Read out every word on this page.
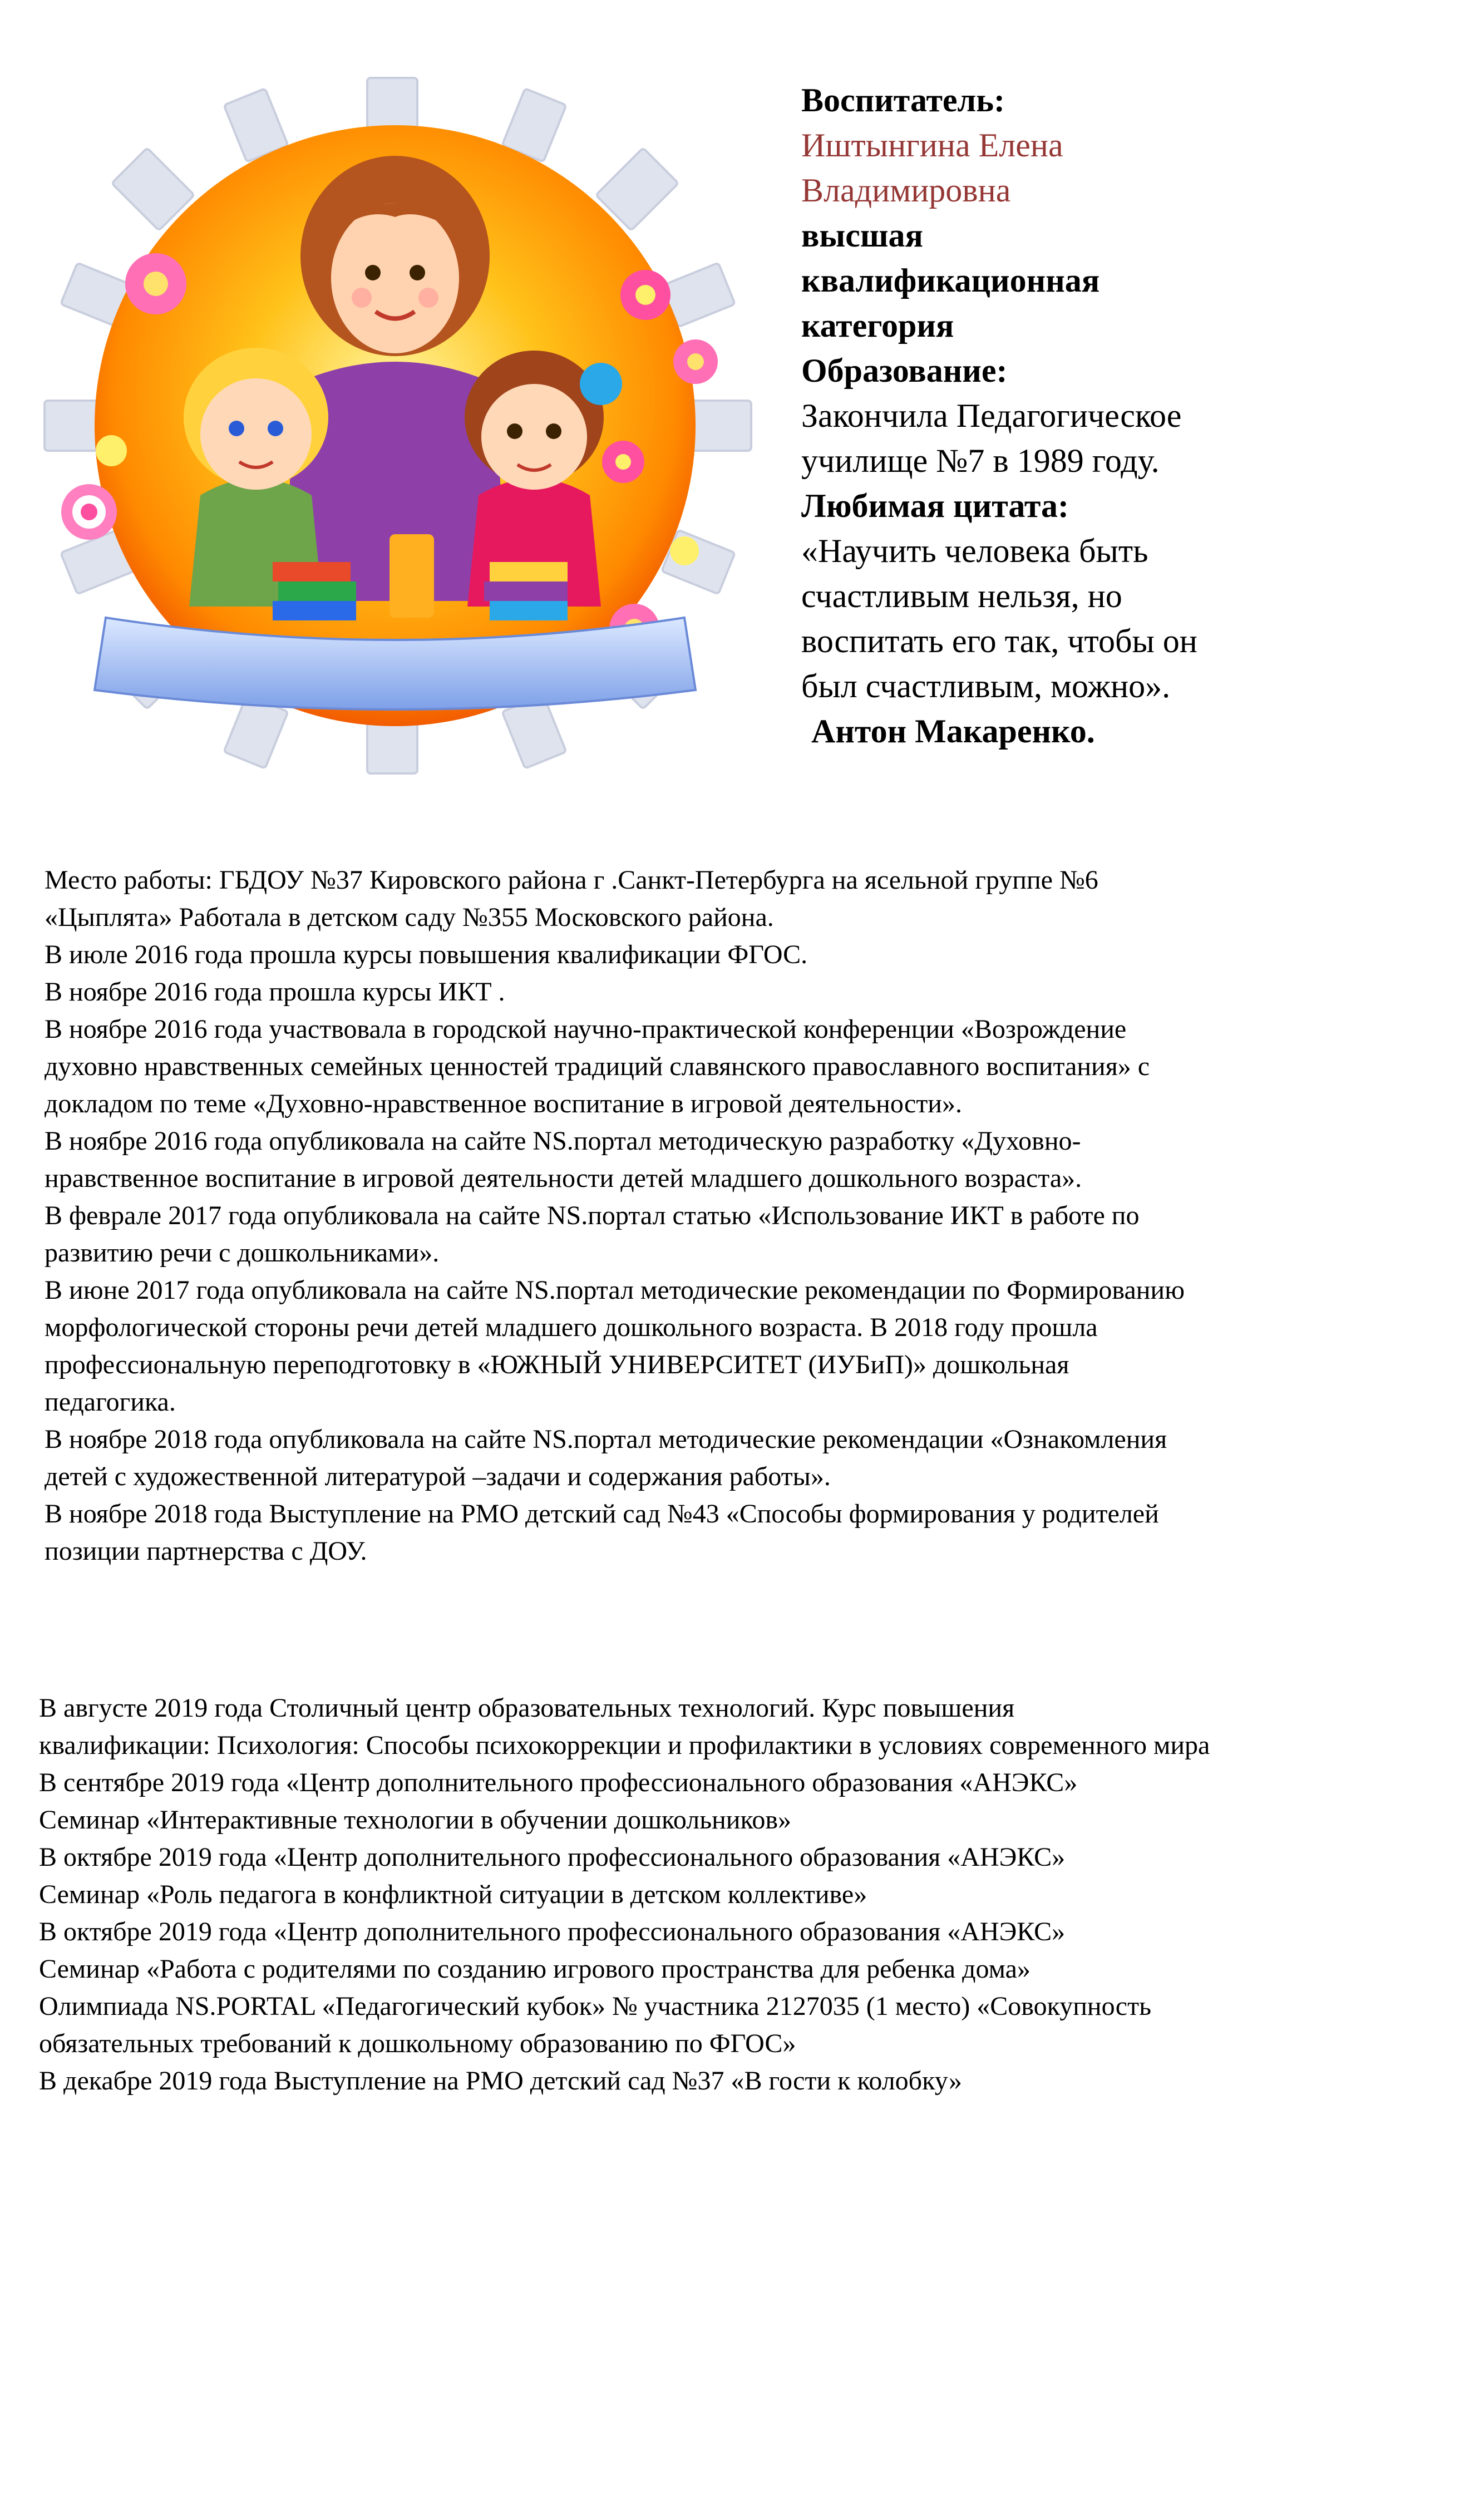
Воспитатель:
Иштынгина Елена
Владимировна
высшая
квалификационная
категория
Образование:
Закончила Педагогическое
училище №7 в 1989 году.
Любимая цитата:
«Научить человека быть
счастливым нельзя, но
воспитать его так, чтобы он
был счастливым, можно».
Антон Макаренко.

Место работы: ГБДОУ №37 Кировского района г .Санкт-Петербурга на ясельной группе №6

«Цыплята» Работала в детском саду №355 Московского района.

В июле 2016 года прошла курсы повышения квалификации ФГОС.

В ноябре 2016 года прошла курсы ИКТ .

В ноябре 2016 года участвовала в городской научно-практической конференции «Возрождение

духовно нравственных семейных ценностей традиций славянского православного воспитания» с

докладом по теме «Духовно-нравственное воспитание в игровой деятельности».

В ноябре 2016 года опубликовала на сайте NS.портал методическую разработку «Духовно-

нравственное воспитание в игровой деятельности детей младшего дошкольного возраста».

В феврале 2017 года опубликовала на сайте NS.портал статью «Использование ИКТ в работе по

развитию речи с дошкольниками».

В июне 2017 года опубликовала на сайте NS.портал методические рекомендации по Формированию

морфологической стороны речи детей младшего дошкольного возраста. В 2018 году прошла

профессиональную переподготовку в «ЮЖНЫЙ УНИВЕРСИТЕТ (ИУБиП)» дошкольная

педагогика.

В ноябре 2018 года опубликовала на сайте NS.портал методические рекомендации «Ознакомления

детей с художественной литературой –задачи и содержания работы».

В ноябре 2018 года Выступление на РМО детский сад №43 «Способы формирования у родителей

позиции партнерства с ДОУ.

В августе 2019 года Столичный центр образовательных технологий. Курс повышения

квалификации: Психология: Способы психокоррекции и профилактики в условиях современного мира

В сентябре 2019 года «Центр дополнительного профессионального образования «АНЭКС»

Семинар «Интерактивные технологии в обучении дошкольников»

В октябре 2019 года «Центр дополнительного профессионального образования «АНЭКС»

Семинар «Роль педагога в конфликтной ситуации в детском коллективе»

В октябре 2019 года «Центр дополнительного профессионального образования «АНЭКС»

Семинар «Работа с родителями по созданию игрового пространства для ребенка дома»

Олимпиада NS.PORTAL «Педагогический кубок» № участника 2127035 (1 место) «Совокупность

обязательных требований к дошкольному образованию по ФГОС»

В декабре 2019 года Выступление на РМО детский сад №37 «В гости к колобку»
